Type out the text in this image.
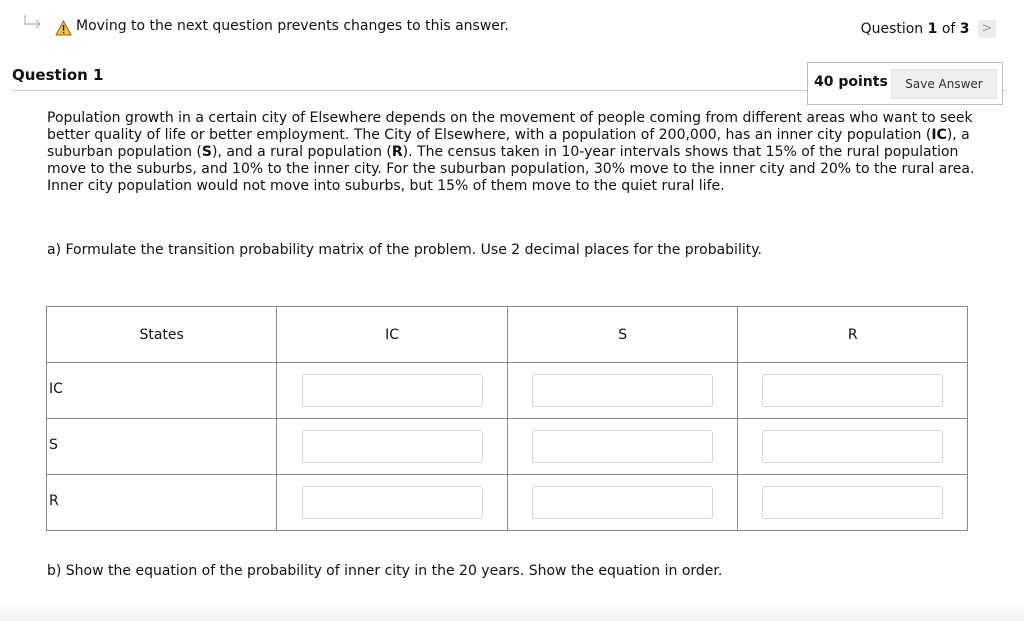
Moving to the next question prevents changes to this answer.	Question 1 of 3 >
Question 1	40 points	Save Answer
Population growth in a certain city of Elsewhere depends on the movement of people coming from different areas who want to seek better quality of life or better employment. The City of Elsewhere, with a population of 200,000, has an inner city population (IC), a suburban population (S), and a rural population (R). The census taken in 10-year intervals shows that 15% of the rural population move to the suburbs, and 10% to the inner city. For the suburban population, 30% move to the inner city and 20% to the rural area. Inner city population would not move into suburbs, but 15% of them move to the quiet rural life.
a) Formulate the transition probability matrix of the problem. Use 2 decimal places for the probability.
States	IC	S	R

IC

S

R

b) Show the equation of the probability of inner city in the 20 years. Show the equation in order.
